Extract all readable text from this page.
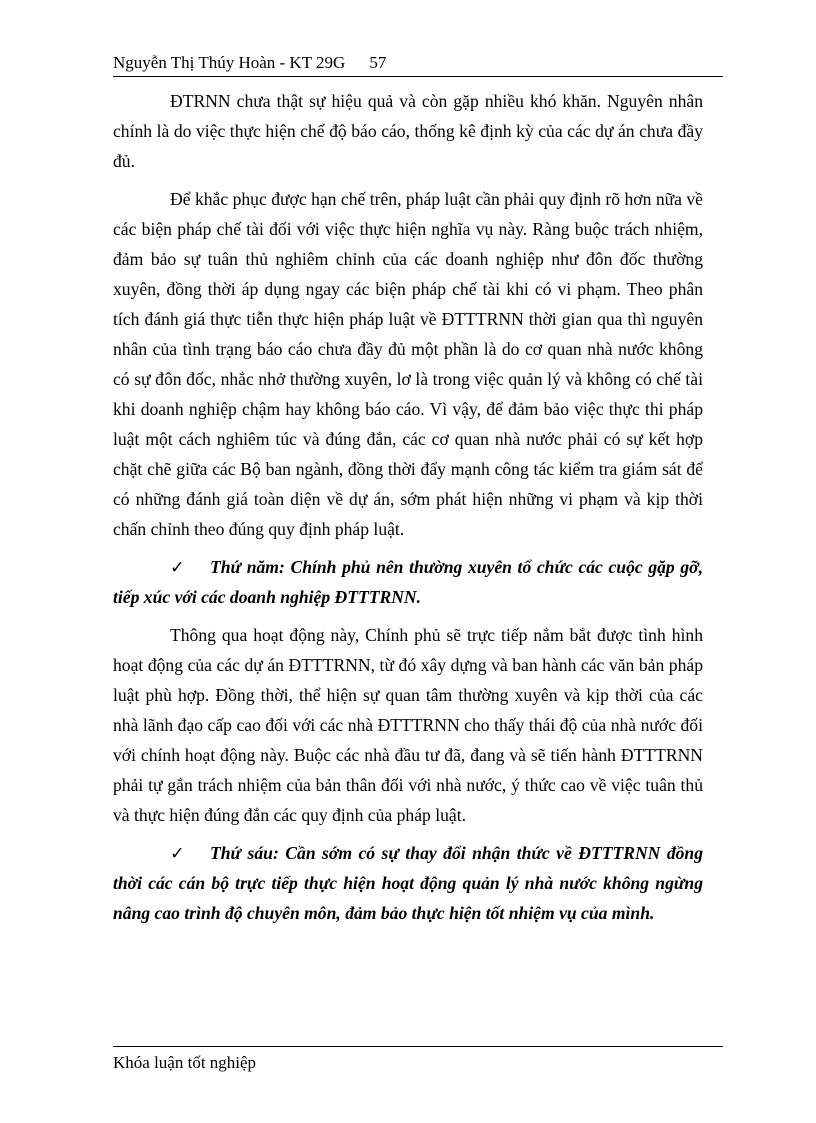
Nguyễn Thị Thúy Hoàn - KT 29G 57

ĐTRNN chưa thật sự hiệu quả và còn gặp nhiều khó khăn. Nguyên nhân chính là do việc thực hiện chế độ báo cáo, thống kê định kỳ của các dự án chưa đầy đủ.

Để khắc phục được hạn chế trên, pháp luật cần phải quy định rõ hơn nữa về các biện pháp chế tài đối với việc thực hiện nghĩa vụ này. Ràng buộc trách nhiệm, đảm bảo sự tuân thủ nghiêm chỉnh của các doanh nghiệp như đôn đốc thường xuyên, đồng thời áp dụng ngay các biện pháp chế tài khi có vi phạm. Theo phân tích đánh giá thực tiễn thực hiện pháp luật về ĐTTTRNN thời gian qua thì nguyên nhân của tình trạng báo cáo chưa đầy đủ một phần là do cơ quan nhà nước không có sự đôn đốc, nhắc nhở thường xuyên, lơ là trong việc quản lý và không có chế tài khi doanh nghiệp chậm hay không báo cáo. Vì vậy, để đảm bảo việc thực thi pháp luật một cách nghiêm túc và đúng đắn, các cơ quan nhà nước phải có sự kết hợp chặt chẽ giữa các Bộ ban ngành, đồng thời đẩy mạnh công tác kiểm tra giám sát để có những đánh giá toàn diện về dự án, sớm phát hiện những vi phạm và kịp thời chấn chỉnh theo đúng quy định pháp luật.

✓ Thứ năm: Chính phủ nên thường xuyên tổ chức các cuộc gặp gỡ, tiếp xúc với các doanh nghiệp ĐTTTRNN.

Thông qua hoạt động này, Chính phủ sẽ trực tiếp nắm bắt được tình hình hoạt động của các dự án ĐTTTRNN, từ đó xây dựng và ban hành các văn bản pháp luật phù hợp. Đồng thời, thể hiện sự quan tâm thường xuyên và kịp thời của các nhà lãnh đạo cấp cao đối với các nhà ĐTTTRNN cho thấy thái độ của nhà nước đối với chính hoạt động này. Buộc các nhà đầu tư đã, đang và sẽ tiến hành ĐTTTRNN phải tự gắn trách nhiệm của bản thân đối với nhà nước, ý thức cao về việc tuân thủ và thực hiện đúng đắn các quy định của pháp luật.

✓ Thứ sáu: Cần sớm có sự thay đổi nhận thức về ĐTTTRNN đồng thời các cán bộ trực tiếp thực hiện hoạt động quản lý nhà nước không ngừng nâng cao trình độ chuyên môn, đảm bảo thực hiện tốt nhiệm vụ của mình.
Khóa luận tốt nghiệp
